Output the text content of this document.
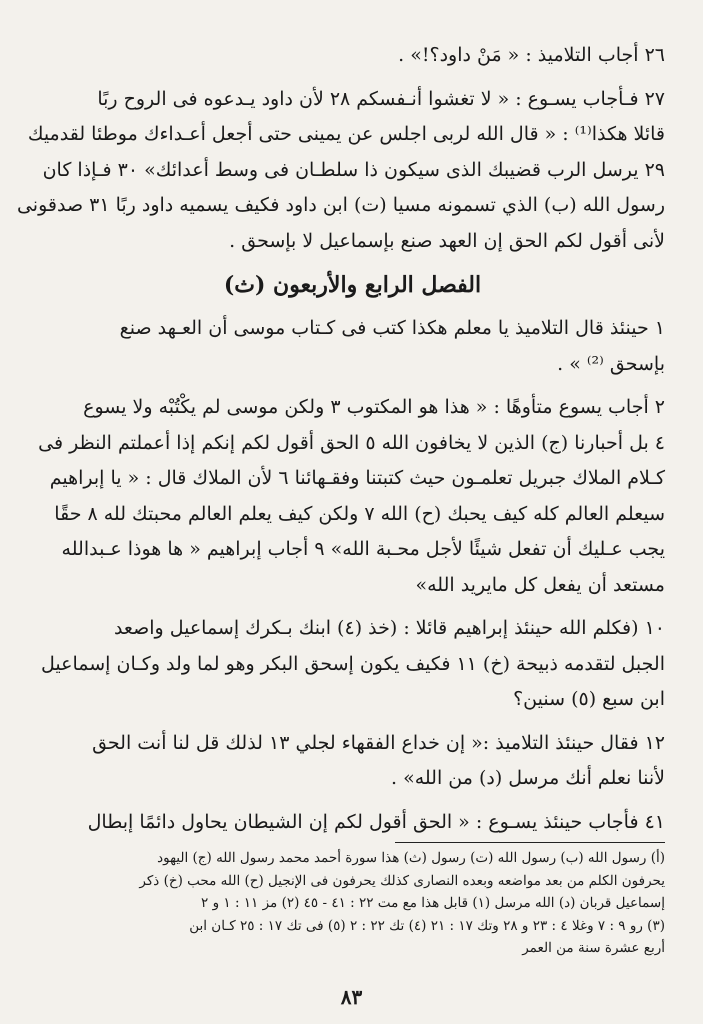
٢٦ أجاب التلاميذ : « مَنْ داود؟!» .
٢٧ فـأجاب يسـوع : « لا تغشوا أنـفسكم ٢٨ لأن داود يـدعوه فى الروح ربًا
قائلا هكذا⁽¹⁾ : « قال الله لربى اجلس عن يمينى حتى أجعل أعـداءك موطئا لقدميك
٢٩ يرسل الرب قضيبك الذى سيكون ذا سلطـان فى وسط أعدائك» ٣٠ فـإذا كان
رسول الله (ب) الذي تسمونه مسيا (ت) ابن داود فكيف يسميه داود ربًا ٣١ صدقونى
لأنى أقول لكم الحق إن العهد صنع بإسماعيل لا بإسحق .
الفصل الرابع والأربعون (ث)
١ حينئذ قال التلاميذ يا معلم هكذا كتب فى كـتاب موسى أن العـهد صنع
بإسحق ⁽²⁾ » .
٢ أجاب يسوع متأوهًا : « هذا هو المكتوب ٣ ولكن موسى لم يكْتُبْه ولا يسوع
٤ بل أحبارنا (ج) الذين لا يخافون الله ٥ الحق أقول لكم إنكم إذا أعملتم النظر فى
كـلام الملاك جبريل تعلمـون حيث كتبتنا وفقـهائنا ٦ لأن الملاك قال : « يا إبراهيم
سيعلم العالم كله كيف يحبك (ح) الله ٧ ولكن كيف يعلم العالم محبتك لله ٨ حقًا
يجب عـليك أن تفعل شيئًا لأجل محـبة الله» ٩ أجاب إبراهيم « ها هوذا عـبدالله
مستعد أن يفعل كل مايريد الله»
١٠ (فكلم الله حينئذ إبراهيم قائلا : (خذ (٤) ابنك بـكرك إسماعيل واصعد
الجبل لتقدمه ذبيحة (خ) ١١ فكيف يكون إسحق البكر وهو لما ولد وكـان إسماعيل
ابن سبع (٥) سنين؟
١٢ فقال حينئذ التلاميذ :« إن خداع الفقهاء لجلي ١٣ لذلك قل لنا أنت الحق
لأننا نعلم أنك مرسل (د) من الله» .
٤١ فأجاب حينئذ يسـوع : « الحق أقول لكم إن الشيطان يحاول دائمًا إبطال
(أ) رسول الله (ب) رسول الله (ت) رسول (ث) هذا سورة أحمد محمد رسول الله (ج) اليهود
يحرفون الكلم من بعد مواضعه وبعده النصارى كذلك يحرفون فى الإنجيل (ح) الله محب (خ) ذكر
إسماعيل قربان (د) الله مرسل (١) قابل هذا مع مت ٢٢ : ٤١ - ٤٥ (٢) مز ١١ : ١ و ٢
(٣) رو ٩ : ٧ وغلا ٤ : ٢٣ و ٢٨ وتك ١٧ : ٢١ (٤) تك ٢٢ : ٢ (٥) فى تك ١٧ : ٢٥ كـان ابن
أربع عشرة سنة من العمر
٨٣
